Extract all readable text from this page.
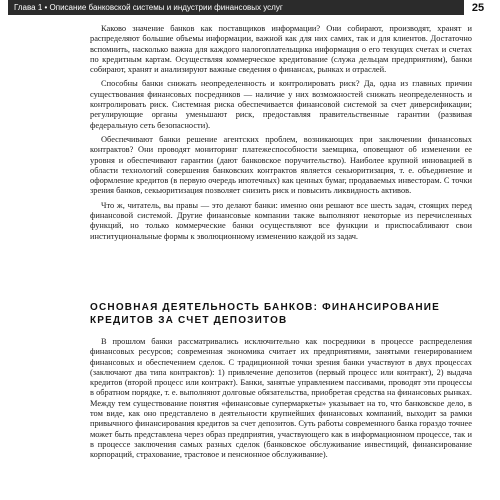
Глава 1 • Описание банковской системы и индустрии финансовых услуг	25

Каково значение банков как поставщиков информации? Они собирают, производят, хранят и распределяют большие объемы информации, важной как для них самих, так и для клиентов. Достаточно вспомнить, насколько важна для каждого налогоплательщика информация о его текущих счетах и счетах по кредитным картам. Осуществляя коммерческое кредитование (служа дельцам предприятиям), банки собирают, хранят и анализируют важные сведения о финансах, рынках и отраслей.

Способны банки снижать неопределенность и контролировать риск? Да, одна из главных причин существования финансовых посредников — наличие у них возможностей снижать неопределенность и контролировать риск. Системная риска обеспечивается финансовой системой за счет диверсификации; регулирующие органы уменьшают риск, предоставляя правительственные гарантии (развивая федеральную сеть безопасности).

Обеспечивают банки решение агентских проблем, возникающих при заключении финансовых контрактов? Они проводят мониторинг платежеспособности заемщика, оповещают об изменении ее уровня и обеспечивают гарантии (дают банковское поручительство). Наиболее крупной инновацией в области технологий совершения банковских контрактов является секьюритизация, т. е. объединение и оформление кредитов (в первую очередь ипотечных) как ценных бумаг, продаваемых инвесторам. С точки зрения банков, секьюритизация позволяет снизить риск и повысить ликвидность активов.

Что ж, читатель, вы правы — это делают банки: именно они решают все шесть задач, стоящих перед финансовой системой. Другие финансовые компании также выполняют некоторые из перечисленных функций, но только коммерческие банки осуществляют все функции и приспосабливают свои институциональные формы к эволюционному изменению каждой из задач.

ОСНОВНАЯ ДЕЯТЕЛЬНОСТЬ БАНКОВ: ФИНАНСИРОВАНИЕ КРЕДИТОВ ЗА СЧЕТ ДЕПОЗИТОВ

В прошлом банки рассматривались исключительно как посредники в процессе распределения финансовых ресурсов; современная экономика считает их предприятиями, занятыми генерированием финансовых и обеспечением сделок. С традиционной точки зрения банки участвуют в двух процессах (заключают два типа контрактов): 1) привлечение депозитов (первый процесс или контракт), 2) выдача кредитов (второй процесс или контракт). Банки, занятые управлением пассивами, проводят эти процессы в обратном порядке, т. е. выполняют долговые обязательства, приобретая средства на финансовых рынках. Между тем существование понятия «финансовые супермаркеты» указывает на то, что банковское дело, в том виде, как оно представлено в деятельности крупнейших финансовых компаний, выходит за рамки привычного финансирования кредитов за счет депозитов. Суть работы современного банка гораздо точнее может быть представлена через образ предприятия, участвующего как в информационном процессе, так и в процессе заключения самых разных сделок (банковское обслуживание инвестиций, финансирование корпораций, страхование, трастовое и пенсионное обслуживание).
